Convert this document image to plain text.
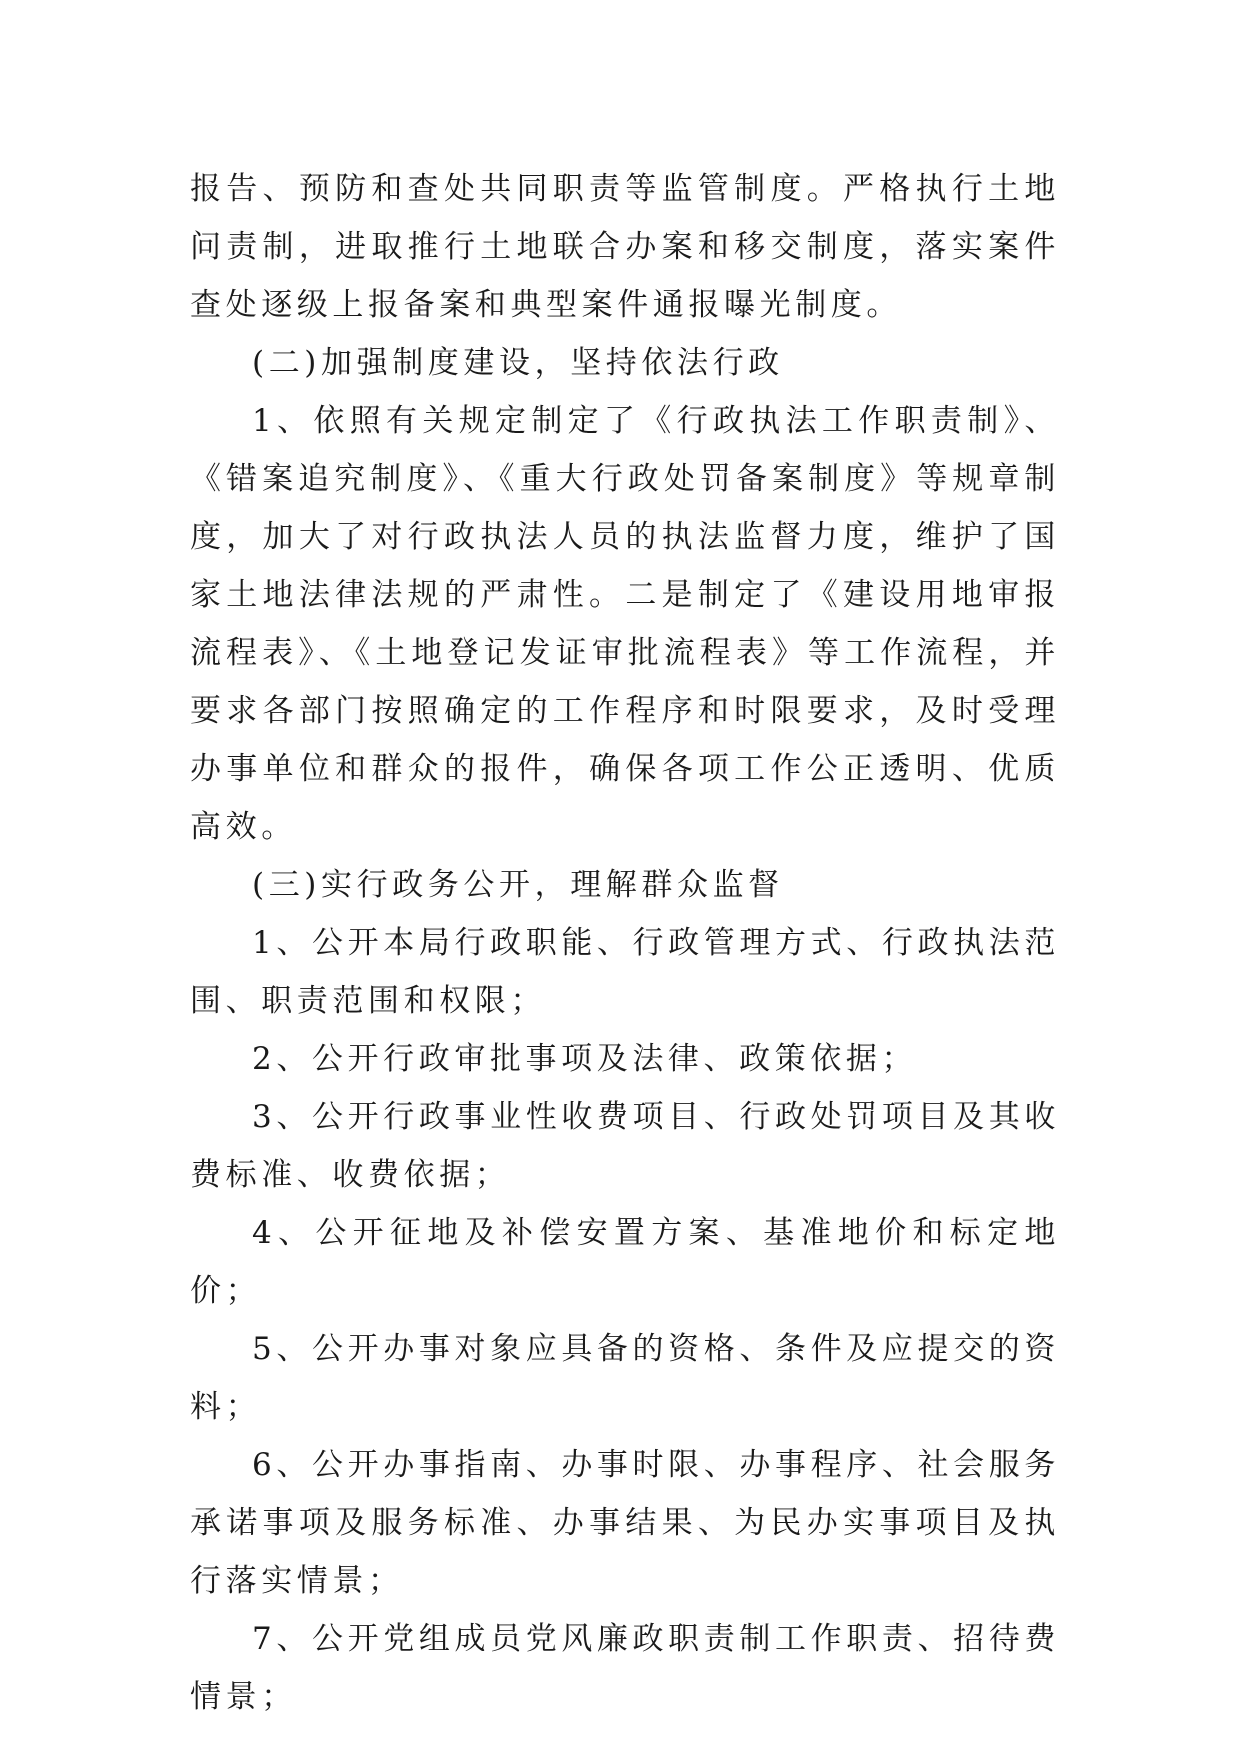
报告、预防和查处共同职责等监管制度。严格执行土地问责制，进取推行土地联合办案和移交制度，落实案件查处逐级上报备案和典型案件通报曝光制度。

(二)加强制度建设，坚持依法行政

1、依照有关规定制定了《行政执法工作职责制》、《错案追究制度》、《重大行政处罚备案制度》等规章制度，加大了对行政执法人员的执法监督力度，维护了国家土地法律法规的严肃性。二是制定了《建设用地审报流程表》、《土地登记发证审批流程表》等工作流程，并要求各部门按照确定的工作程序和时限要求，及时受理办事单位和群众的报件，确保各项工作公正透明、优质高效。

(三)实行政务公开，理解群众监督

1、公开本局行政职能、行政管理方式、行政执法范围、职责范围和权限；

2、公开行政审批事项及法律、政策依据；

3、公开行政事业性收费项目、行政处罚项目及其收费标准、收费依据；

4、公开征地及补偿安置方案、基准地价和标定地价；

5、公开办事对象应具备的资格、条件及应提交的资料；

6、公开办事指南、办事时限、办事程序、社会服务承诺事项及服务标准、办事结果、为民办实事项目及执行落实情景；

7、公开党组成员党风廉政职责制工作职责、招待费情景；
